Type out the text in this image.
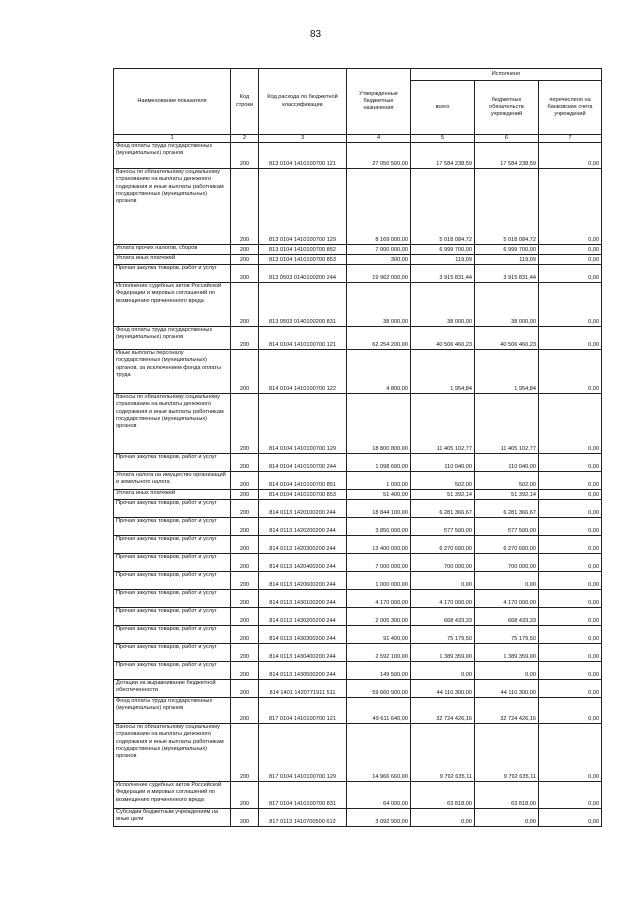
83
Наименование показателя	Код строки	Код расхода по бюджетной классификации	Утвержденные бюджетные назначения	Исполнено		
				всего	бюджетных обязательств учреждений	перечислено на банковские счета учреждений
1	2	3	4	5	6	7
Фонд оплаты труда государственных (муниципальных) органов	200	813 0104 1410100700 121	27 050 500,00	17 584 238,59	17 584 238,59	0,00
Взносы по обязательному социальному страхованию на выплаты денежного содержания и иные выплаты работникам государственных (муниципальных) органов	200	813 0104 1410100700 129	8 169 000,00	5 018 084,72	5 018 084,72	0,00
Уплата прочих налогов, сборов	200	813 0104 1410100700 852	7 000 000,00	6 999 700,00	6 999 700,00	0,00
Уплата иных платежей	200	813 0104 1410100700 853	300,00	119,09	119,09	0,00
Прочая закупка товаров, работ и услуг	200	813 0503 0140100200 244	19 962 000,00	3 915 831,44	3 915 831,44	0,00
Исполнение судебных актов Российской Федерации и мировых соглашений по возмещению причиненного вреда	200	813 0503 0140100200 831	38 000,00	38 000,00	38 000,00	0,00
Фонд оплаты труда государственных (муниципальных) органов	200	814 0104 1410100700 121	62 254 200,00	40 506 460,23	40 506 460,23	0,00
Иные выплаты персоналу государственных (муниципальных) органов, за исключением фонда оплаты труда	200	814 0104 1410100700 122	4 800,00	1 954,84	1 954,84	0,00
Взносы по обязательному социальному страхованию на выплаты денежного содержания и иные выплаты работникам государственных (муниципальных) органов	200	814 0104 1410100700 129	18 800 800,00	11 405 102,77	11 405 102,77	0,00
Прочая закупка товаров, работ и услуг	200	814 0104 1410100700 244	1 098 600,00	110 040,00	110 040,00	0,00
Уплата налога на имущество организаций и земельного налога	200	814 0104 1410100700 851	1 000,00	502,00	502,00	0,00
Уплата иных платежей	200	814 0104 1410100700 853	51 400,00	51 392,14	51 392,14	0,00
Прочая закупка товаров, работ и услуг	200	814 0113 1420100200 244	18 844 100,00	6 281 366,67	6 281 366,67	0,00
Прочая закупка товаров, работ и услуг	200	814 0113 1420200200 244	3 850 000,00	577 500,00	577 500,00	0,00
Прочая закупка товаров, работ и услуг	200	814 0113 1420300200 244	13 400 000,00	6 270 600,00	6 270 600,00	0,00
Прочая закупка товаров, работ и услуг	200	814 0113 1420400200 244	7 000 000,00	700 000,00	700 000,00	0,00
Прочая закупка товаров, работ и услуг	200	814 0113 1420600200 244	1 000 000,00	0,00	0,00	0,00
Прочая закупка товаров, работ и услуг	200	814 0113 1430100200 244	4 170 000,00	4 170 000,00	4 170 000,00	0,00
Прочая закупка товаров, работ и услуг	200	814 0113 1430200200 244	2 005 300,00	668 433,33	668 433,33	0,00
Прочая закупка товаров, работ и услуг	200	814 0113 1430300200 244	91 400,00	75 179,50	75 179,50	0,00
Прочая закупка товаров, работ и услуг	200	814 0113 1430400200 244	2 592 100,00	1 389 359,00	1 389 359,00	0,00
Прочая закупка товаров, работ и услуг	200	814 0113 1430500200 244	149 500,00	0,00	0,00	0,00
Дотации на выравнивание бюджетной обеспеченности	200	814 1401 1420771911 511	59 660 900,00	44 110 300,00	44 110 300,00	0,00
Фонд оплаты труда государственных (муниципальных) органов	200	817 0104 1410100700 121	49 611 640,00	32 724 426,16	32 724 426,16	0,00
Взносы по обязательному социальному страхованию на выплаты денежного содержания и иные выплаты работникам государственных (муниципальных) органов	200	817 0104 1410100700 129	14 966 660,00	9 792 635,11	9 792 635,11	0,00
Исполнение судебных актов Российской Федерации и мировых соглашений по возмещению причиненного вреда	200	817 0104 1410100700 831	64 000,00	63 818,00	63 818,00	0,00
Субсидии бюджетным учреждениям на иные цели	200	817 0113 1410700500 612	3 092 900,00	0,00	0,00	0,00
